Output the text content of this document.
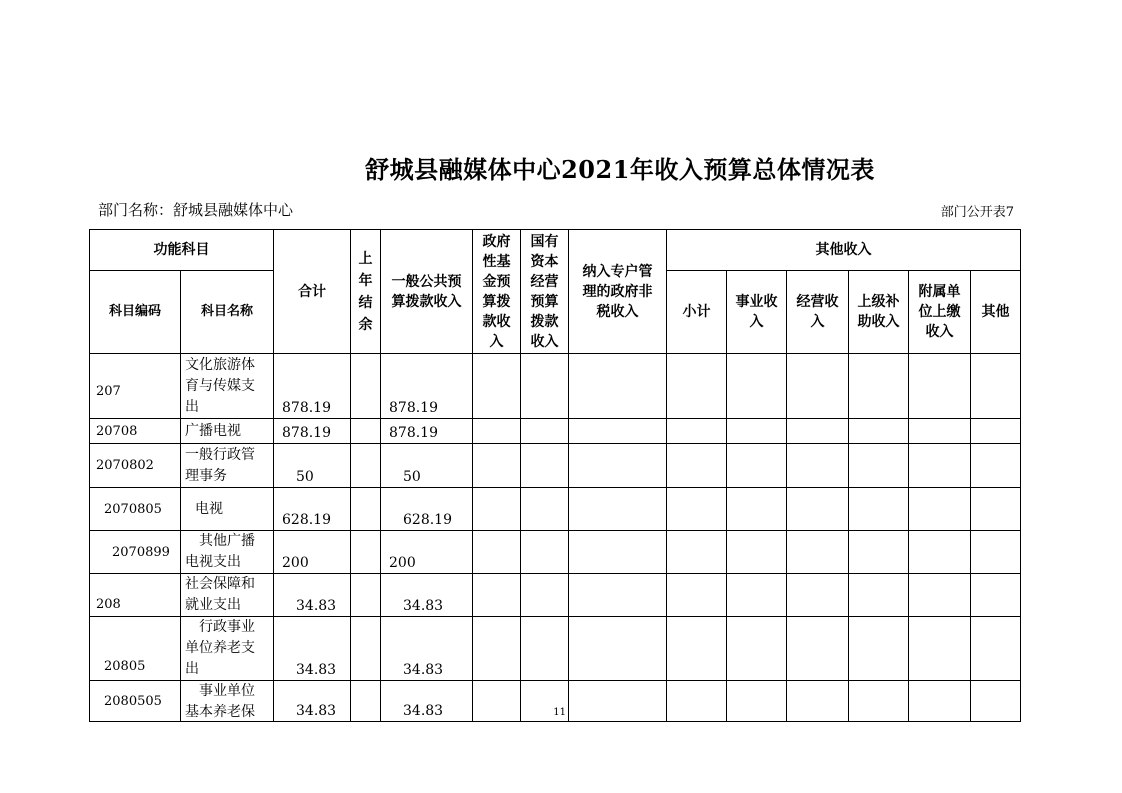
舒城县融媒体中心2021年收入预算总体情况表
部门名称：舒城县融媒体中心	部门公开表7
功能科目		合计	上年结余	一般公共预算拨款收入	政府性基金预算拨款收入	国有资本经营预算拨款收入	纳入专户管理的政府非税收入	其他收入					
科目编码	科目名称							小计	事业收入	经营收入	上级补助收入	附属单位上缴收入	其他
207	文化旅游体育与传媒支出	878.19		878.19									
20708	广播电视	878.19		878.19									
2070802	一般行政管理事务	50		50									
2070805	电视	628.19		628.19									
2070899	其他广播电视支出	200		200									
208	社会保障和就业支出	34.83		34.83									
20805	行政事业单位养老支出	34.83		34.83									
2080505	事业单位基本养老保	34.83		34.83		11							
